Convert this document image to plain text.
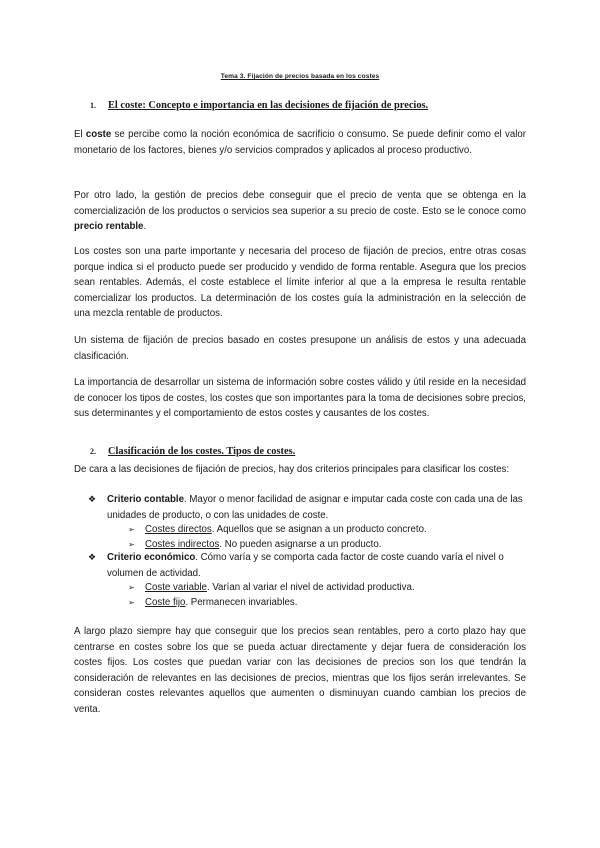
Tema 3. Fijación de precios basada en los costes
1. El coste: Concepto e importancia en las decisiones de fijación de precios.
El coste se percibe como la noción económica de sacrificio o consumo. Se puede definir como el valor monetario de los factores, bienes y/o servicios comprados y aplicados al proceso productivo.
Por otro lado, la gestión de precios debe conseguir que el precio de venta que se obtenga en la comercialización de los productos o servicios sea superior a su precio de coste. Esto se le conoce como precio rentable.
Los costes son una parte importante y necesaria del proceso de fijación de precios, entre otras cosas porque indica si el producto puede ser producido y vendido de forma rentable. Asegura que los precios sean rentables. Además, el coste establece el límite inferior al que a la empresa le resulta rentable comercializar los productos. La determinación de los costes guía la administración en la selección de una mezcla rentable de productos.
Un sistema de fijación de precios basado en costes presupone un análisis de estos y una adecuada clasificación.
La importancia de desarrollar un sistema de información sobre costes válido y útil reside en la necesidad de conocer los tipos de costes, los costes que son importantes para la toma de decisiones sobre precios, sus determinantes y el comportamiento de estos costes y causantes de los costes.
2. Clasificación de los costes. Tipos de costes.
De cara a las decisiones de fijación de precios, hay dos criterios principales para clasificar los costes:
❖ Criterio contable. Mayor o menor facilidad de asignar e imputar cada coste con cada una de las unidades de producto, o con las unidades de coste.
➢ Costes directos. Aquellos que se asignan a un producto concreto.
➢ Costes indirectos. No pueden asignarse a un producto.
❖ Criterio económico. Cómo varía y se comporta cada factor de coste cuando varía el nivel o volumen de actividad.
➢ Coste variable. Varían al variar el nivel de actividad productiva.
➢ Coste fijo. Permanecen invariables.
A largo plazo siempre hay que conseguir que los precios sean rentables, pero a corto plazo hay que centrarse en costes sobre los que se pueda actuar directamente y dejar fuera de consideración los costes fijos. Los costes que puedan variar con las decisiones de precios son los que tendrán la consideración de relevantes en las decisiones de precios, mientras que los fijos serán irrelevantes. Se consideran costes relevantes aquellos que aumenten o disminuyan cuando cambian los precios de venta.
